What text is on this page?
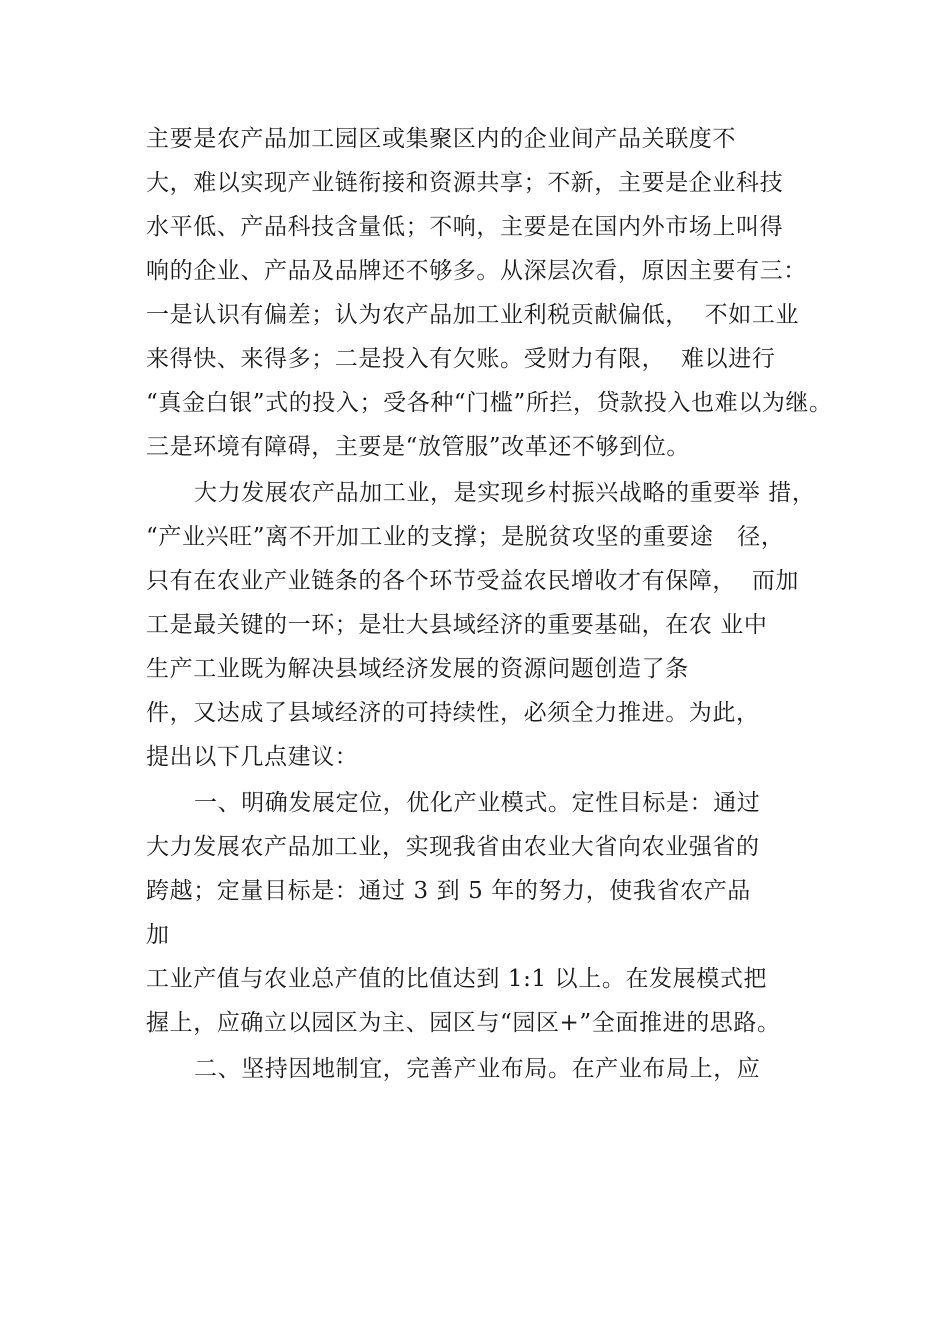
主要是农产品加工园区或集聚区内的企业间产品关联度不
大，难以实现产业链衔接和资源共享；不新，主要是企业科技
水平低、产品科技含量低；不响，主要是在国内外市场上叫得
响的企业、产品及品牌还不够多。从深层次看，原因主要有三：
一是认识有偏差；认为农产品加工业利税贡献偏低，  不如工业
来得快、来得多；二是投入有欠账。受财力有限，  难以进行
“真金白银”式的投入；受各种“门槛”所拦，贷款投入也难以为继。
三是环境有障碍，主要是“放管服”改革还不够到位。
大力发展农产品加工业，是实现乡村振兴战略的重要举 措，
“产业兴旺”离不开加工业的支撑；是脱贫攻坚的重要途   径，
只有在农业产业链条的各个环节受益农民增收才有保障，  而加
工是最关键的一环；是壮大县域经济的重要基础，在农 业中
生产工业既为解决县域经济发展的资源问题创造了条
件，又达成了县域经济的可持续性，必须全力推进。为此，
提出以下几点建议：
一、明确发展定位，优化产业模式。定性目标是：通过
大力发展农产品加工业，实现我省由农业大省向农业强省的
跨越；定量目标是：通过 3 到 5 年的努力，使我省农产品
加
工业产值与农业总产值的比值达到 1:1 以上。在发展模式把
握上，应确立以园区为主、园区与“园区+”全面推进的思路。
二、坚持因地制宜，完善产业布局。在产业布局上，应
